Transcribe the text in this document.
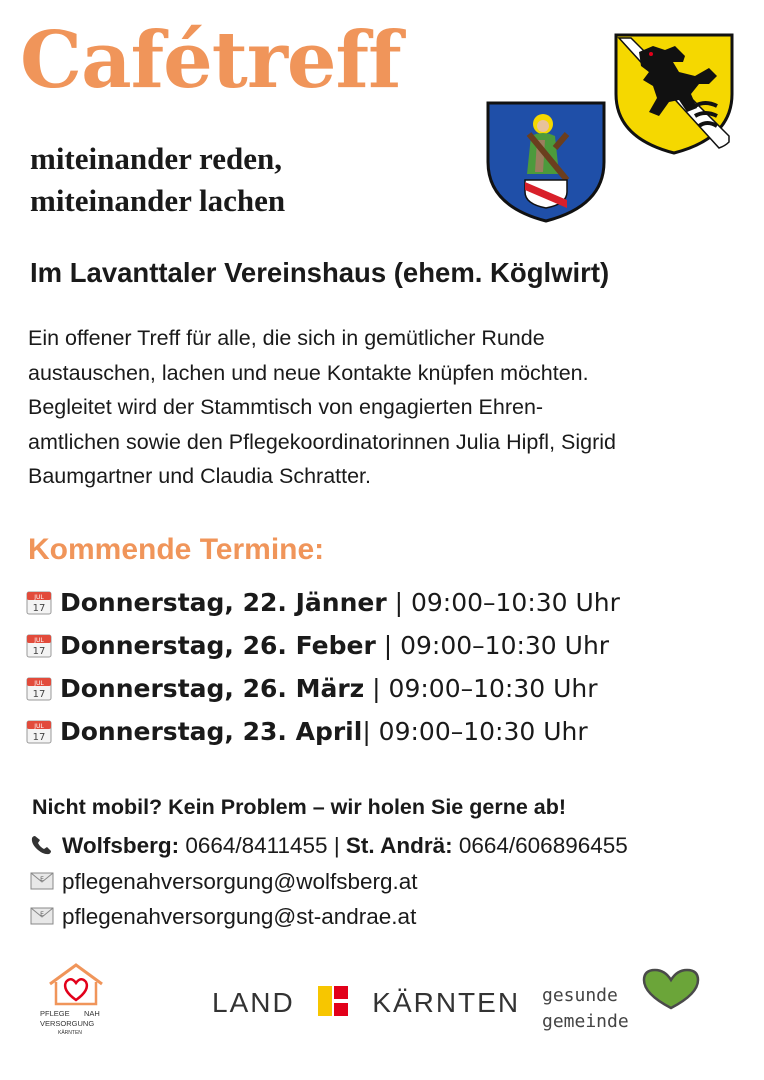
Cafétreff
miteinander reden,
miteinander lachen
Im Lavanttaler Vereinshaus (ehem. Köglwirt)
Ein offener Treff für alle, die sich in gemütlicher Runde
austauschen, lachen und neue Kontakte knüpfen möchten.
Begleitet wird der Stammtisch von engagierten Ehren-
amtlichen sowie den Pflegekoordinatorinnen Julia Hipfl, Sigrid
Baumgartner und Claudia Schratter.
Kommende Termine:
JUL
17 Donnerstag, 22. Jänner | 09:00–10:30 Uhr
JUL
17 Donnerstag, 26. Feber | 09:00–10:30 Uhr
JUL
17 Donnerstag, 26. März | 09:00–10:30 Uhr
JUL
17 Donnerstag, 23. April| 09:00–10:30 Uhr
Nicht mobil? Kein Problem – wir holen Sie gerne ab!
Wolfsberg: 0664/8411455 | St. Andrä: 0664/606896455
E pflegenahversorgung@wolfsberg.at
E pflegenahversorgung@st-andrae.at
PFLEGE NAH
VERSORGUNG
KÄRNTEN
LAND	KÄRNTEN gesunde
gemeinde
